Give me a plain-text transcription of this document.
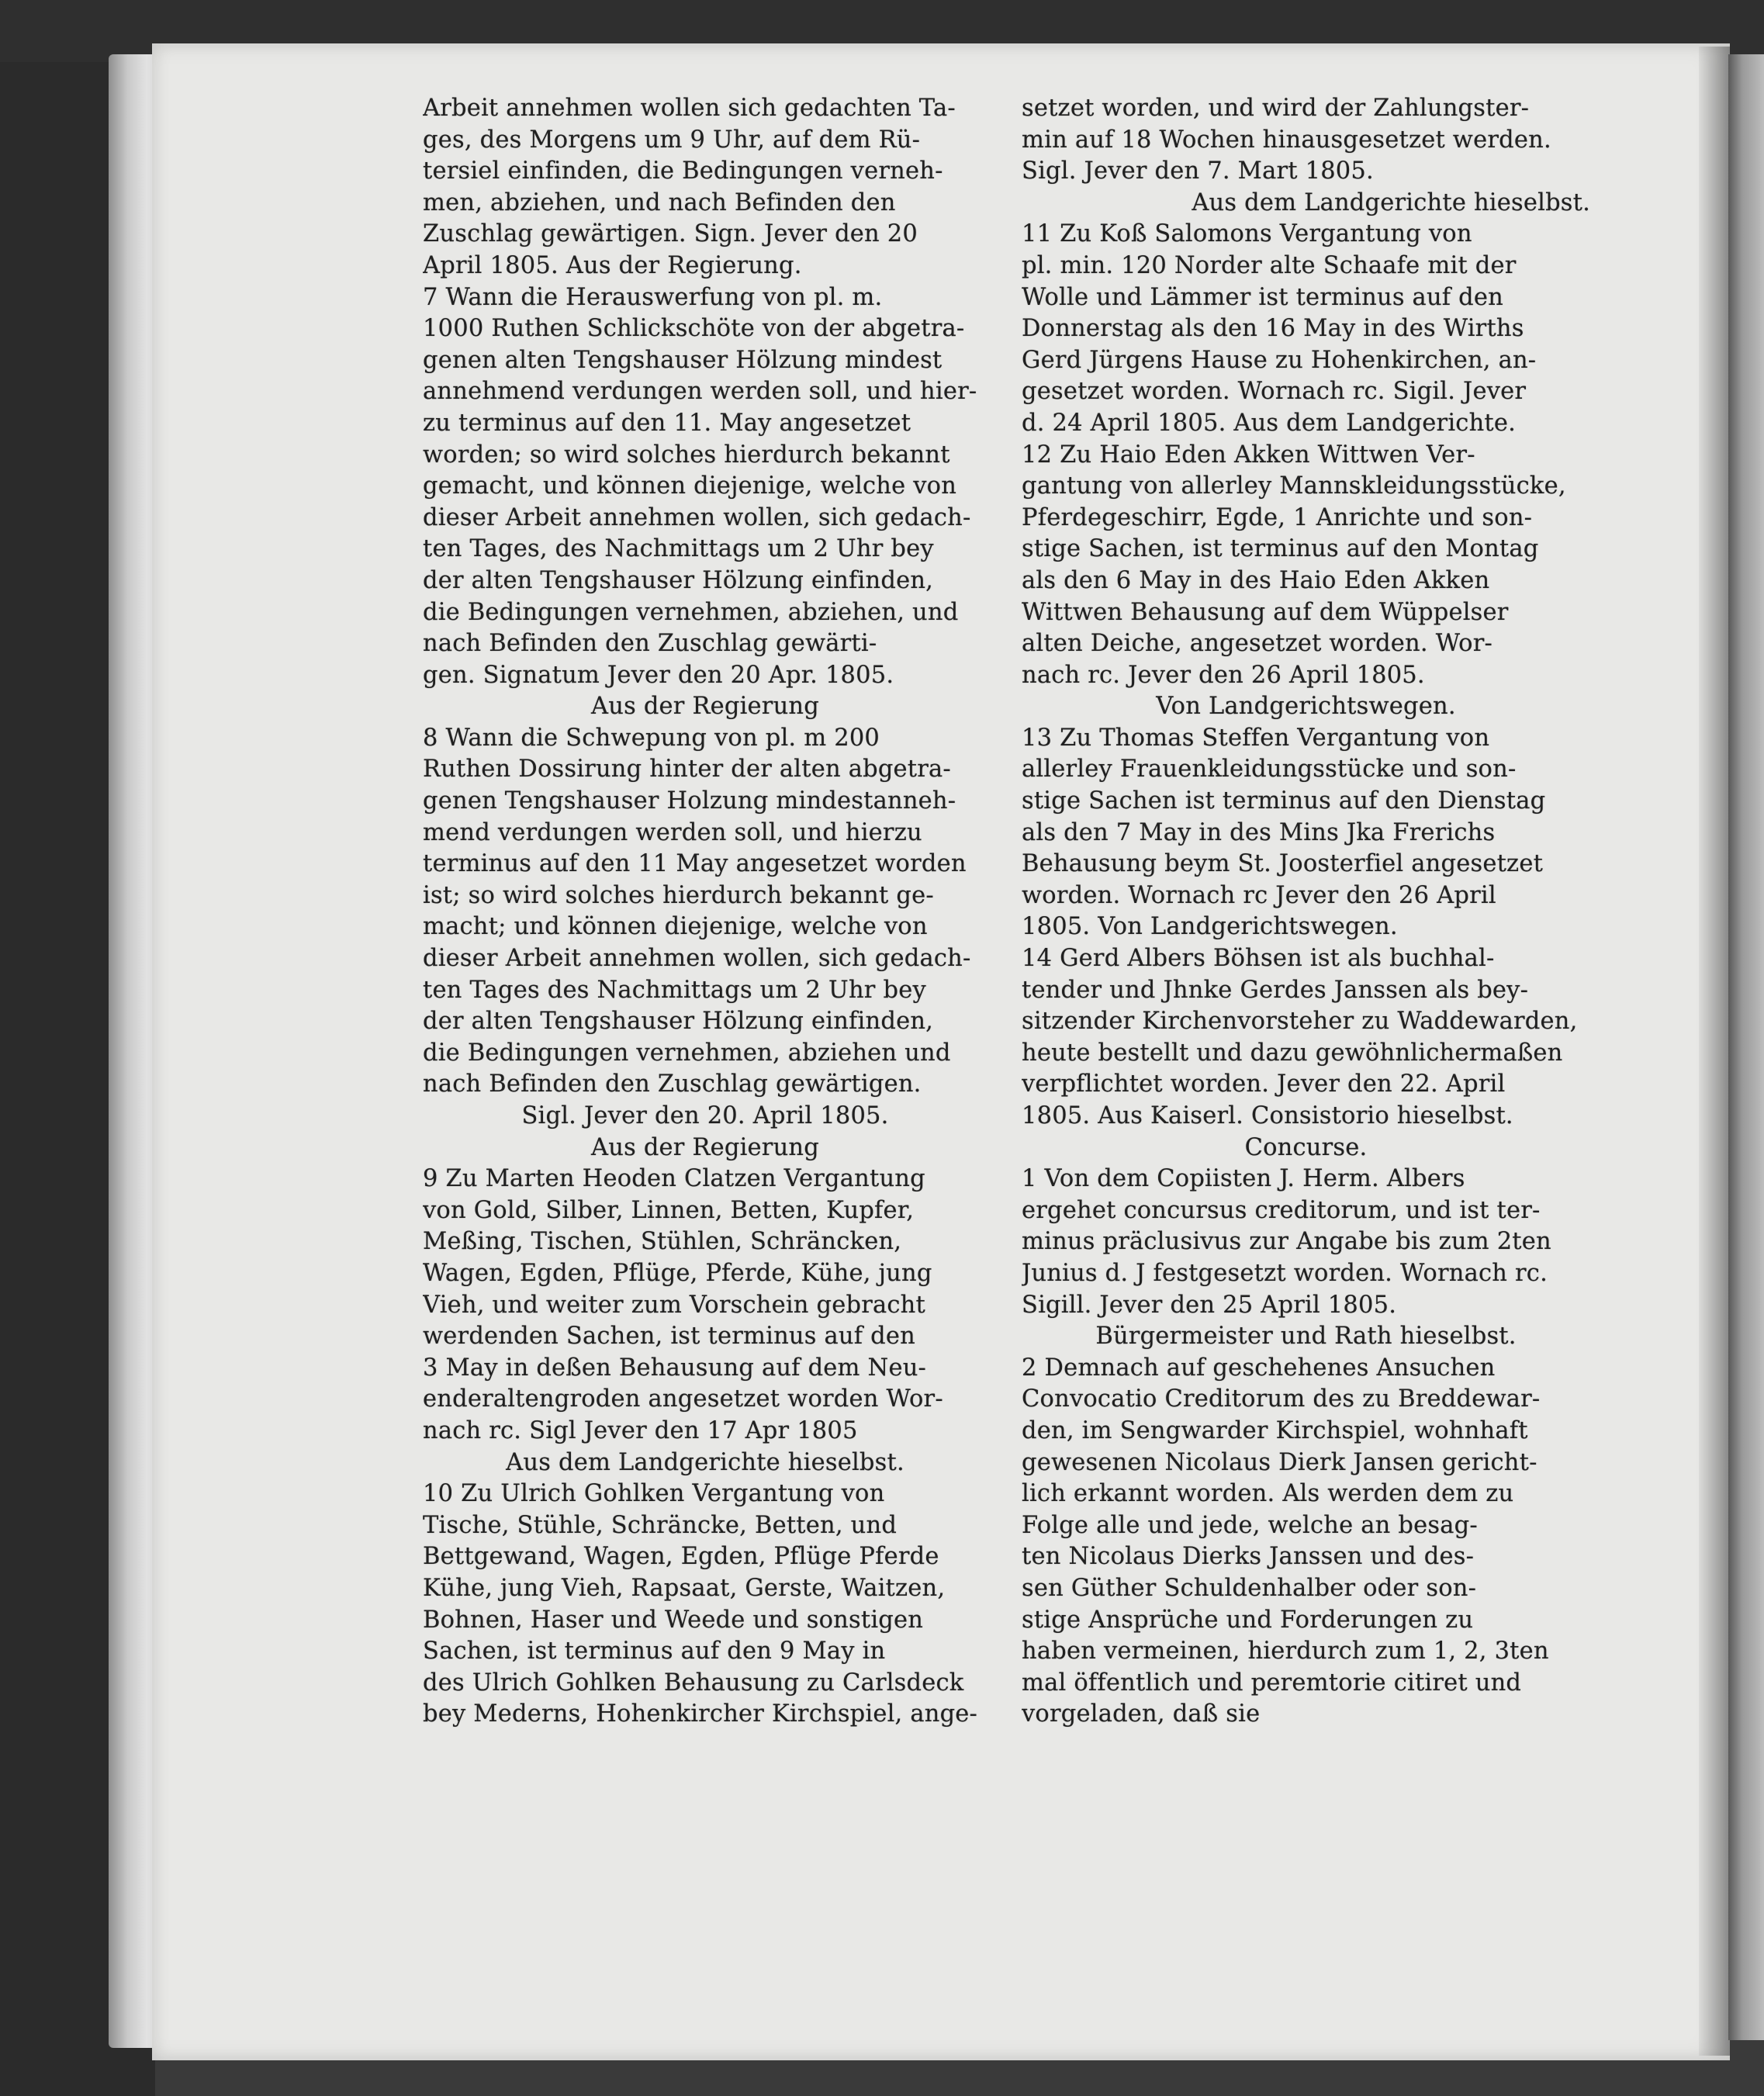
Arbeit annehmen wollen sich gedachten Ta-
ges, des Morgens um 9 Uhr, auf dem Rü-
tersiel einfinden, die Bedingungen verneh-
men, abziehen, und nach Befinden den
Zuschlag gewärtigen. Sign. Jever den 20
April 1805. Aus der Regierung.
7 Wann die Herauswerfung von pl. m.
1000 Ruthen Schlickschöte von der abgetra-
genen alten Tengshauser Hölzung mindest
annehmend verdungen werden soll, und hier-
zu terminus auf den 11. May angesetzet
worden; so wird solches hierdurch bekannt
gemacht, und können diejenige, welche von
dieser Arbeit annehmen wollen, sich gedach-
ten Tages, des Nachmittags um 2 Uhr bey
der alten Tengshauser Hölzung einfinden,
die Bedingungen vernehmen, abziehen, und
nach Befinden den Zuschlag gewärti-
gen. Signatum Jever den 20 Apr. 1805.
Aus der Regierung
8 Wann die Schwepung von pl. m 200
Ruthen Dossirung hinter der alten abgetra-
genen Tengshauser Holzung mindestanneh-
mend verdungen werden soll, und hierzu
terminus auf den 11 May angesetzet worden
ist; so wird solches hierdurch bekannt ge-
macht; und können diejenige, welche von
dieser Arbeit annehmen wollen, sich gedach-
ten Tages des Nachmittags um 2 Uhr bey
der alten Tengshauser Hölzung einfinden,
die Bedingungen vernehmen, abziehen und
nach Befinden den Zuschlag gewärtigen.
Sigl. Jever den 20. April 1805.
Aus der Regierung
9 Zu Marten Heoden Clatzen Vergantung
von Gold, Silber, Linnen, Betten, Kupfer,
Meßing, Tischen, Stühlen, Schräncken,
Wagen, Egden, Pflüge, Pferde, Kühe, jung
Vieh, und weiter zum Vorschein gebracht
werdenden Sachen, ist terminus auf den
3 May in deßen Behausung auf dem Neu-
enderaltengroden angesetzet worden Wor-
nach rc. Sigl Jever den 17 Apr 1805
Aus dem Landgerichte hieselbst.
10 Zu Ulrich Gohlken Vergantung von
Tische, Stühle, Schräncke, Betten, und
Bettgewand, Wagen, Egden, Pflüge Pferde
Kühe, jung Vieh, Rapsaat, Gerste, Waitzen,
Bohnen, Haser und Weede und sonstigen
Sachen, ist terminus auf den 9 May in
des Ulrich Gohlken Behausung zu Carlsdeck
bey Mederns, Hohenkircher Kirchspiel, ange-
setzet worden, und wird der Zahlungster-
min auf 18 Wochen hinausgesetzet werden.
Sigl. Jever den 7. Mart 1805.
Aus dem Landgerichte hieselbst.
11 Zu Koß Salomons Vergantung von
pl. min. 120 Norder alte Schaafe mit der
Wolle und Lämmer ist terminus auf den
Donnerstag als den 16 May in des Wirths
Gerd Jürgens Hause zu Hohenkirchen, an-
gesetzet worden. Wornach rc. Sigil. Jever
d. 24 April 1805. Aus dem Landgerichte.
12 Zu Haio Eden Akken Wittwen Ver-
gantung von allerley Mannskleidungsstücke,
Pferdegeschirr, Egde, 1 Anrichte und son-
stige Sachen, ist terminus auf den Montag
als den 6 May in des Haio Eden Akken
Wittwen Behausung auf dem Wüppelser
alten Deiche, angesetzet worden. Wor-
nach rc. Jever den 26 April 1805.
Von Landgerichtswegen.
13 Zu Thomas Steffen Vergantung von
allerley Frauenkleidungsstücke und son-
stige Sachen ist terminus auf den Dienstag
als den 7 May in des Mins Jka Frerichs
Behausung beym St. Joosterfiel angesetzet
worden. Wornach rc Jever den 26 April
1805. Von Landgerichtswegen.
14 Gerd Albers Böhsen ist als buchhal-
tender und Jhnke Gerdes Janssen als bey-
sitzender Kirchenvorsteher zu Waddewarden,
heute bestellt und dazu gewöhnlichermaßen
verpflichtet worden. Jever den 22. April
1805. Aus Kaiserl. Consistorio hieselbst.
Concurse.
1 Von dem Copiisten J. Herm. Albers
ergehet concursus creditorum, und ist ter-
minus präclusivus zur Angabe bis zum 2ten
Junius d. J festgesetzt worden. Wornach rc.
Sigill. Jever den 25 April 1805.
Bürgermeister und Rath hieselbst.
2 Demnach auf geschehenes Ansuchen
Convocatio Creditorum des zu Breddewar-
den, im Sengwarder Kirchspiel, wohnhaft
gewesenen Nicolaus Dierk Jansen gericht-
lich erkannt worden. Als werden dem zu
Folge alle und jede, welche an besag-
ten Nicolaus Dierks Janssen und des-
sen Güther Schuldenhalber oder son-
stige Ansprüche und Forderungen zu
haben vermeinen, hierdurch zum 1, 2, 3ten
mal öffentlich und peremtorie citiret und
vorgeladen, daß sie
